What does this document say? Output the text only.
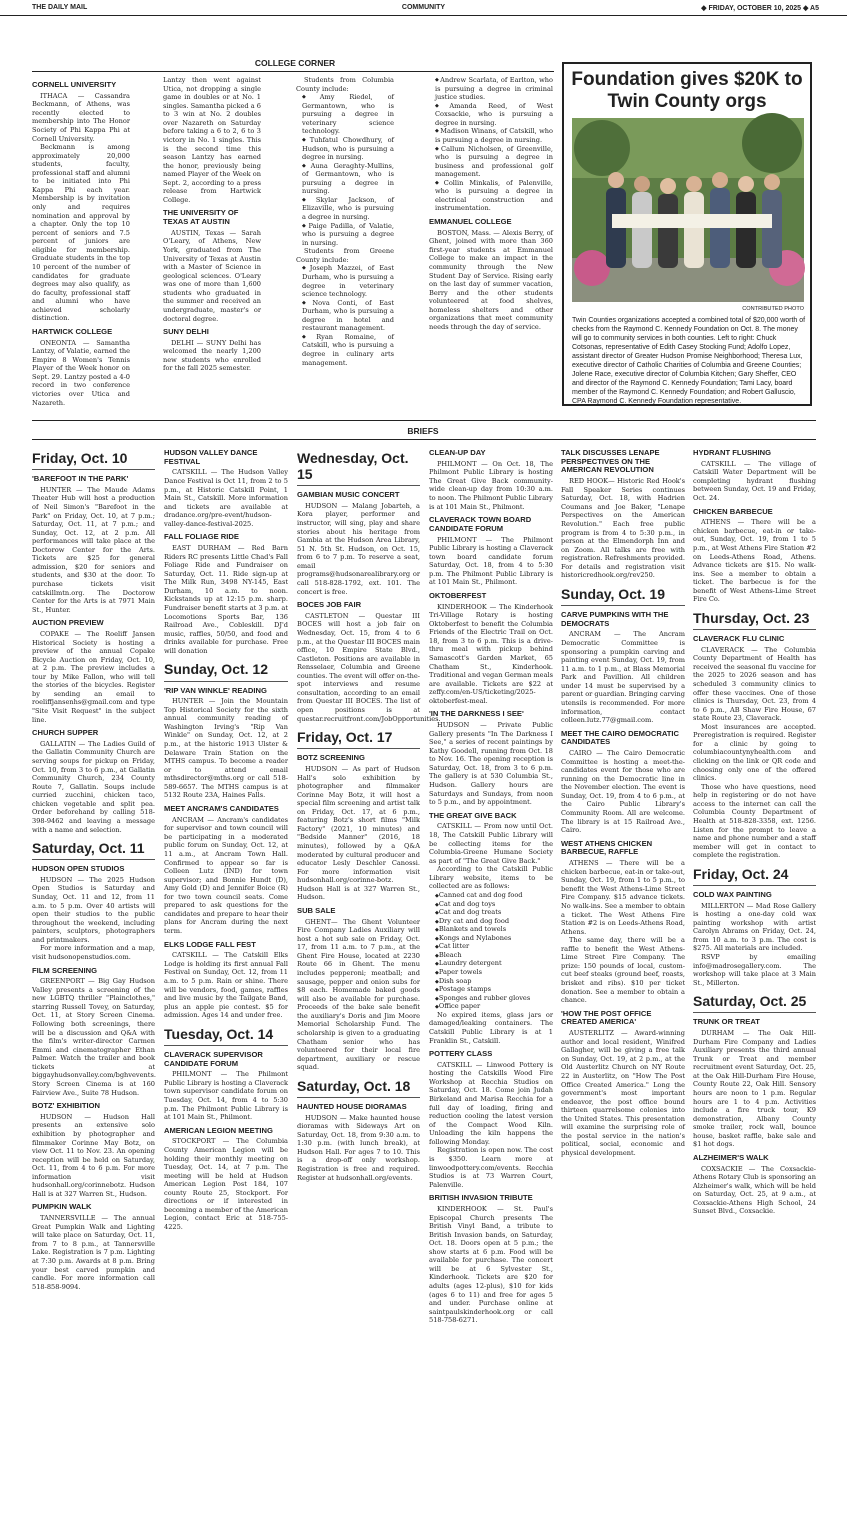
THE DAILY MAIL	COMMUNITY	◆ FRIDAY, OCTOBER 10, 2025 ◆ A5
COLLEGE CORNER
CORNELL UNIVERSITY

ITHACA — Cassandra Beckmann, of Athens, was recently elected to membership into The Honor Society of Phi Kappa Phi at Cornell University.

Beckmann is among approximately 20,000 students, faculty, professional staff and alumni to be initiated into Phi Kappa Phi each year. Membership is by invitation only and requires nomination and approval by a chapter. Only the top 10 percent of seniors and 7.5 percent of juniors are eligible for membership. Graduate students in the top 10 percent of the number of candidates for graduate degrees may also qualify, as do faculty, professional staff and alumni who have achieved scholarly distinction.

HARTWICK COLLEGE

ONEONTA — Samantha Lantzy, of Valatie, earned the Empire 8 Women's Tennis Player of the Week honor on Sept. 29. Lantzy posted a 4-0 record in two conference victories over Utica and Nazareth.

Lantzy then went against Utica, not dropping a single game in doubles or at No. 1 singles. Samantha picked a 6 to 3 win at No. 2 doubles over Nazareth on Saturday before taking a 6 to 2, 6 to 3 victory in No. 1 singles. This is the second time this season Lantzy has earned the honor, previously being named Player of the Week on Sept. 2, according to a press release from Hartwick College.

THE UNIVERSITY OF TEXAS AT AUSTIN

AUSTIN, Texas — Sarah O'Leary, of Athens, New York, graduated from The University of Texas at Austin with a Master of Science in geological sciences. O'Leary was one of more than 1,600 students who graduated in the summer and received an undergraduate, master's or doctoral degree.

SUNY DELHI

DELHI — SUNY Delhi has welcomed the nearly 1,200 new students who enrolled for the fall 2025 semester.

Students from Columbia County include:

◆ Amy Riedel, of Germantown, who is pursuing a degree in veterinary science technology.

◆ Tuhfatul Chowdhury, of Hudson, who is pursuing a degree in nursing.

◆ Auna Geraghty-Mullins, of Germantown, who is pursuing a degree in nursing.

◆ Skylar Jackson, of Elizaville, who is pursuing a degree in nursing.

◆ Paige Padilla, of Valatie, who is pursuing a degree in nursing.

Students from Greene County include:

◆ Joseph Mazzei, of East Durham, who is pursuing a degree in veterinary science technology.

◆ Nova Conti, of East Durham, who is pursuing a degree in hotel and restaurant management.

◆ Ryan Romaine, of Catskill, who is pursuing a degree in culinary arts management.

◆ Andrew Scarlata, of Earlton, who is pursuing a degree in criminal justice studies.

◆ Amanda Reed, of West Coxsackie, who is pursuing a degree in nursing.

◆ Madison Winans, of Catskill, who is pursuing a degree in nursing.

◆ Callum Nicholsen, of Greenville, who is pursuing a degree in business and professional golf management.

◆ Collin Minkalis, of Palenville, who is pursuing a degree in electrical construction and instrumentation.

EMMANUEL COLLEGE

BOSTON, Mass. — Alexis Berry, of Ghent, joined with more than 360 first-year students at Emmanuel College to make an impact in the community through the New Student Day of Service. Rising early on the last day of summer vacation, Berry and the other students volunteered at food shelves, homeless shelters and other organizations that meet community needs through the day of service.

Foundation gives $20K to Twin County orgs
CONTRIBUTED PHOTO
Twin Counties organizations accepted a combined total of $20,000 worth of checks from the Raymond C. Kennedy Foundation on Oct. 8. The money will go to community services in both counties. Left to right: Chuck Cotsonas, representative of Edith Casey Stocking Fund; Adolfo Lopez, assistant director of Greater Hudson Promise Neighborhood; Theresa Lux, executive director of Catholic Charities of Columbia and Greene Counties; Jolene Race, executive director of Columbia Kitchen; Gary Sheffer, CEO and director of the Raymond C. Kennedy Foundation; Tami Lacy, board member of the Raymond C. Kennedy Foundation; and Robert Galluscio, CPA Raymond C. Kennedy Foundation representative.
BRIEFS
Friday, Oct. 10
'BAREFOOT IN THE PARK'

HUNTER — The Maude Adams Theater Hub will host a production of Neil Simon's "Barefoot in the Park" on Friday, Oct. 10, at 7 p.m.; Saturday, Oct. 11, at 7 p.m.; and Sunday, Oct. 12, at 2 p.m. All performances will take place at the Doctorow Center for the Arts. Tickets are $25 for general admission, $20 for seniors and students, and $30 at the door. To purchase tickets visit catskillmtn.org. The Doctorow Center for the Arts is at 7971 Main St., Hunter.

AUCTION PREVIEW

COPAKE — The Roeliff Jansen Historical Society is hosting a preview of the annual Copake Bicycle Auction on Friday, Oct. 10, at 2 p.m. The preview includes a tour by Mike Fallon, who will tell the stories of the bicycles. Register by sending an email to roeliffjansenhs@gmail.com and type "Site Visit Request" in the subject line.

CHURCH SUPPER

GALLATIN — The Ladies Guild of the Gallatin Community Church are serving soups for pickup on Friday, Oct. 10, from 3 to 6 p.m., at Gallatin Community Church, 234 County Route 7, Gallatin. Soups include curried zucchini, chicken taco, chicken vegetable and split pea. Order beforehand by calling 518-398-9462 and leaving a message with a name and selection.

Saturday, Oct. 11
HUDSON OPEN STUDIOS

HUDSON — The 2025 Hudson Open Studios is Saturday and Sunday, Oct. 11 and 12, from 11 a.m. to 5 p.m. Over 40 artists will open their studios to the public throughout the weekend, including painters, sculptors, photographers and printmakers.

For more information and a map, visit hudsonopenstudios.com.

FILM SCREENING

GREENPORT — Big Gay Hudson Valley presents a screening of the new LGBTQ thriller "Plainclothes," starring Russell Tovey, on Saturday, Oct. 11, at Story Screen Cinema. Following both screenings, there will be a discussion and Q&A with the film's writer-director Carmen Emmi and cinematographer Ethan Palmer. Watch the trailer and book tickets at biggayhudsonvalley.com/bghvevents. Story Screen Cinema is at 160 Fairview Ave., Suite 78 Hudson.

BOTZ' EXHIBITION

HUDSON — Hudson Hall presents an extensive solo exhibition by photographer and filmmaker Corinne May Botz, on view Oct. 11 to Nov. 23. An opening reception will be held on Saturday, Oct. 11, from 4 to 6 p.m. For more information visit hudsonhall.org/corinnebotz. Hudson Hall is at 327 Warren St., Hudson.

PUMPKIN WALK

TANNERSVILLE — The annual Great Pumpkin Walk and Lighting will take place on Saturday, Oct. 11, from 7 to 8 p.m., at Tannersville Lake. Registration is 7 p.m. Lighting at 7:30 p.m. Awards at 8 p.m. Bring your best carved pumpkin and candle. For more information call 518-858-9094.

HUDSON VALLEY DANCE FESTIVAL

CATSKILL — The Hudson Valley Dance Festival is Oct 11, from 2 to 5 p.m., at Historic Catskill Point, 1 Main St., Catskill. More information and tickets are available at dradance.org/pre-event/hudson-valley-dance-festival-2025.

FALL FOLIAGE RIDE

EAST DURHAM — Red Barn Riders RC presents Little Chad's Fall Foliage Ride and Fundraiser on Saturday, Oct. 11. Ride sign-up at The Milk Run, 3498 NY-145, East Durham, 10 a.m. to noon. Kickstands up at 12:15 p.m. sharp. Fundraiser benefit starts at 3 p.m. at Locomotions Sports Bar, 136 Railroad Ave., Cobleskill. DJ'd music, raffles, 50/50, and food and drinks available for purchase. Free will donation

Sunday, Oct. 12
'RIP VAN WINKLE' READING

HUNTER — Join the Mountain Top Historical Society for the sixth annual community reading of Washington Irving's "Rip Van Winkle" on Sunday, Oct. 12, at 2 p.m., at the historic 1913 Ulster & Delaware Train Station on the MTHS campus. To become a reader or to attend email mthsdirector@mths.org or call 518-589-6657. The MTHS campus is at 5132 Route 23A, Haines Falls.

MEET ANCRAM'S CANDIDATES

ANCRAM — Ancram's candidates for supervisor and town council will be participating in a moderated public forum on Sunday, Oct. 12, at 11 a.m., at Ancram Town Hall. Confirmed to appear so far is Colleen Lutz (IND) for town supervisor; and Bonnie Hundt (D), Amy Gold (D) and Jennifer Boice (R) for two town council seats. Come prepared to ask questions for the candidates and prepare to hear their plans for Ancram during the next term.

ELKS LODGE FALL FEST

CATSKILL — The Catskill Elks Lodge is holding its first annual Fall Festival on Sunday, Oct. 12, from 11 a.m. to 5 p.m. Rain or shine. There will be vendors, food, games, raffles and live music by the Tailgate Band, plus an apple pie contest. $5 for admission. Ages 14 and under free.

Tuesday, Oct. 14
CLAVERACK SUPERVISOR CANDIDATE FORUM

PHILMONT — The Philmont Public Library is hosting a Claverack town supervisor candidate forum on Tuesday, Oct. 14, from 4 to 5:30 p.m. The Philmont Public Library is at 101 Main St., Philmont.

AMERICAN LEGION MEETING

STOCKPORT — The Columbia County American Legion will be holding their monthly meeting on Tuesday, Oct. 14, at 7 p.m. The meeting will be held at Hudson American Legion Post 184, 107 county Route 25, Stockport. For directions or if interested in becoming a member of the American Legion, contact Eric at 518-755-4225.

Wednesday, Oct. 15
GAMBIAN MUSIC CONCERT

HUDSON — Malang Jobarteh, a Kora player, performer and instructor, will sing, play and share stories about his heritage from Gambia at the Hudson Area Library, 51 N. 5th St. Hudson, on Oct. 15, from 6 to 7 p.m. To reserve a seat, email programs@hudsonarealibrary.org or call 518-828-1792, ext. 101. The concert is free.

BOCES JOB FAIR

CASTLETON — Questar III BOCES will host a job fair on Wednesday, Oct. 15, from 4 to 6 p.m., at the Questar III BOCES main office, 10 Empire State Blvd., Castleton. Positions are available in Rensselaer, Columbia and Greene counties. The event will offer on-the-spot interviews and resume consultation, according to an email from Questar III BOCES. The list of open positions is at questar.recruitfront.com/JobOpportunities.

Friday, Oct. 17
BOTZ SCREENING

HUDSON — As part of Hudson Hall's solo exhibition by photographer and filmmaker Corinne May Botz, it will host a special film screening and artist talk on Friday, Oct. 17, at 6 p.m., featuring Botz's short films "Milk Factory" (2021, 10 minutes) and "Bedside Manner" (2016, 18 minutes), followed by a Q&A moderated by cultural producer and educator Lesly Deschler Canossi. For more information visit hudsonhall.org/corinne-botz. Hudson Hall is at 327 Warren St., Hudson.

SUB SALE

GHENT— The Ghent Volunteer Fire Company Ladies Auxiliary will host a hot sub sale on Friday, Oct. 17, from 11 a.m. to 7 p.m., at the Ghent Fire House, located at 2230 Route 66 in Ghent. The menu includes pepperoni; meatball; and sausage, pepper and onion subs for $8 each. Homemade baked goods will also be available for purchase. Proceeds of the bake sale benefit the auxiliary's Doris and Jim Moore Memorial Scholarship Fund. The scholarship is given to a graduating Chatham senior who has volunteered for their local fire department, auxiliary or rescue squad.

Saturday, Oct. 18
HAUNTED HOUSE DIORAMAS

HUDSON — Make haunted house dioramas with Sideways Art on Saturday, Oct. 18, from 9:30 a.m. to 1:30 p.m. (with lunch break), at Hudson Hall. For ages 7 to 10. This is a drop-off only workshop. Registration is free and required. Register at hudsonhall.org/events.

CLEAN-UP DAY

PHILMONT — On Oct. 18, The Philmont Public Library is hosting The Great Give Back community-wide clean-up day from 10:30 a.m. to noon. The Philmont Public Library is at 101 Main St., Philmont.

CLAVERACK TOWN BOARD CANDIDATE FORUM

PHILMONT — The Philmont Public Library is hosting a Claverack town board candidate forum Saturday, Oct. 18, from 4 to 5:30 p.m. The Philmont Public Library is at 101 Main St., Philmont.

OKTOBERFEST

KINDERHOOK — The Kinderhook Tri-Village Rotary is hosting Oktoberfest to benefit the Columbia Friends of the Electric Trail on Oct. 18, from 3 to 6 p.m. This is a drive-thru meal with pickup behind Samascott's Garden Market, 65 Chatham St., Kinderhook. Traditional and vegan German meals are available. Tickets are $22 at zeffy.com/en-US/ticketing/2025-oktoberfest-meal.

'IN THE DARKNESS I SEE'

HUDSON — Private Public Gallery presents "In The Darkness I See," a series of recent paintings by Kathy Goodell, running from Oct. 18 to Nov. 16. The opening reception is Saturday, Oct. 18, from 3 to 6 p.m. The gallery is at 530 Columbia St., Hudson. Gallery hours are Saturdays and Sundays, from noon to 5 p.m., and by appointment.

THE GREAT GIVE BACK

CATSKILL — From now until Oct. 18, The Catskill Public Library will be collecting items for the Columbia-Greene Humane Society as part of "The Great Give Back."

According to the Catskill Public Library website, items to be collected are as follows:

◆ Canned cat and dog food
◆ Cat and dog toys
◆ Cat and dog treats
◆ Dry cat and dog food
◆ Blankets and towels
◆ Kongs and Nylabones
◆ Cat litter
◆ Bleach
◆ Laundry detergent
◆ Paper towels
◆ Dish soap
◆ Postage stamps
◆ Sponges and rubber gloves
◆ Office paper

No expired items, glass jars or damaged/leaking containers. The Catskill Public Library is at 1 Franklin St., Catskill.

POTTERY CLASS

CATSKILL — Linwood Pottery is hosting the Catskills Wood Fire Workshop at Recchia Studios on Saturday, Oct. 18. Come join Judah Birkeland and Marisa Recchia for a full day of loading, firing and reduction cooling the latest version of the Compact Wood Kiln. Unloading the kiln happens the following Monday.

Registration is open now. The cost is $350. Learn more at linwoodpottery.com/events. Recchia Studios is at 73 Warren Court, Palenville.

BRITISH INVASION TRIBUTE

KINDERHOOK — St. Paul's Episcopal Church presents The British Vinyl Band, a tribute to British Invasion bands, on Saturday, Oct. 18. Doors open at 5 p.m.; the show starts at 6 p.m. Food will be available for purchase. The concert will be at 6 Sylvester St., Kinderhook. Tickets are $20 for adults (ages 12-plus), $10 for kids (ages 6 to 11) and free for ages 5 and under. Purchase online at saintpaulskinderhook.org or call 518-758-6271.

TALK DISCUSSES LENAPE PERSPECTIVES ON THE AMERICAN REVOLUTION

RED HOOK— Historic Red Hook's Fall Speaker Series continues Saturday, Oct. 18, with Hadrien Coumans and Joe Baker, "Lenape Perspectives on the American Revolution." Each free public program is from 4 to 5:30 p.m., in person at the Elmendorph Inn and on Zoom. All talks are free with registration. Refreshments provided. For details and registration visit historicredhook.org/rev250.

Sunday, Oct. 19
CARVE PUMPKINS WITH THE DEMOCRATS

ANCRAM — The Ancram Democratic Committee is sponsoring a pumpkin carving and painting event Sunday, Oct. 19, from 11 a.m. to 1 p.m., at Blass Memorial Park and Pavillion. All children under 14 must be supervised by a parent or guardian. Bringing carving utensils is recommended. For more information, contact colleen.lutz.77@gmail.com.

MEET THE CAIRO DEMOCRATIC CANDIDATES

CAIRO — The Cairo Democratic Committee is hosting a meet-the-candidates event for those who are running on the Democratic line in the November election. The event is Sunday, Oct. 19, from 4 to 6 p.m., at the Cairo Public Library's Community Room. All are welcome. The library is at 15 Railroad Ave., Cairo.

WEST ATHENS CHICKEN BARBECUE, RAFFLE

ATHENS — There will be a chicken barbecue, eat-in or take-out, Sunday, Oct. 19, from 1 to 5 p.m., to benefit the West Athens-Lime Street Fire Company. $15 advance tickets. No walk-ins. See a member to obtain a ticket. The West Athens Fire Station #2 is on Leeds-Athens Road, Athens.

The same day, there will be a raffle to benefit the West Athens-Lime Street Fire Company. The prize: 150 pounds of local, custom-cut beef steaks (ground beef, roasts, brisket and ribs). $10 per ticket donation. See a member to obtain a chance.

'HOW THE POST OFFICE CREATED AMERICA'

AUSTERLITZ — Award-winning author and local resident, Winifred Gallagher, will be giving a free talk on Sunday, Oct. 19, at 2 p.m., at the Old Austerlitz Church on NY Route 22 in Austerlitz, on "How The Post Office Created America." Long the government's most important endeavor, the post office bound thirteen quarrelsome colonies into the United States. This presentation will examine the surprising role of the postal service in the nation's political, social, economic and physical development.

HYDRANT FLUSHING

CATSKILL — The village of Catskill Water Department will be completing hydrant flushing between Sunday, Oct. 19 and Friday, Oct. 24.

CHICKEN BARBECUE

ATHENS — There will be a chicken barbecue, eat-in or take-out, Sunday, Oct. 19, from 1 to 5 p.m., at West Athens Fire Station #2 on Leeds-Athens Road, Athens. Advance tickets are $15. No walk-ins. See a member to obtain a ticket. The barbecue is for the benefit of West Athens-Lime Street Fire Co.

Thursday, Oct. 23
CLAVERACK FLU CLINIC

CLAVERACK — The Columbia County Department of Health has received the seasonal flu vaccine for the 2025 to 2026 season and has scheduled 3 community clinics to offer these vaccines. One of those clinics is Thursday, Oct. 23, from 4 to 6 p.m., AB Shaw Fire House, 67 state Route 23, Claverack.

Most insurances are accepted. Preregistration is required. Register for a clinic by going to columbiacountynyhealth.com and clicking on the link or QR code and choosing only one of the offered clinics.

Those who have questions, need help in registering or do not have access to the internet can call the Columbia County Department of Health at 518-828-3358, ext. 1256. Listen for the prompt to leave a name and phone number and a staff member will get in contact to complete the registration.

Friday, Oct. 24
COLD WAX PAINTING

MILLERTON — Mad Rose Gallery is hosting a one-day cold wax painting workshop with artist Carolyn Abrams on Friday, Oct. 24, from 10 a.m. to 3 p.m. The cost is $275. All materials are included.

RSVP by emailing info@madrosegallery.com. The workshop will take place at 3 Main St., Millerton.

Saturday, Oct. 25
TRUNK OR TREAT

DURHAM — The Oak Hill-Durham Fire Company and Ladies Auxiliary presents the third annual Trunk or Treat and member recruitment event Saturday, Oct. 25, at the Oak Hill-Durham Fire House, County Route 22, Oak Hill. Sensory hours are noon to 1 p.m. Regular hours are 1 to 4 p.m. Activities include a fire truck tour, K9 demonstration, Albany County smoke trailer, rock wall, bounce house, basket raffle, bake sale and $1 hot dogs.

ALZHEIMER'S WALK

COXSACKIE — The Coxsackie-Athens Rotary Club is sponsoring an Alzheimer's walk, which will be held on Saturday, Oct. 25, at 9 a.m., at Coxsackie-Athens High School, 24 Sunset Blvd., Coxsackie.
